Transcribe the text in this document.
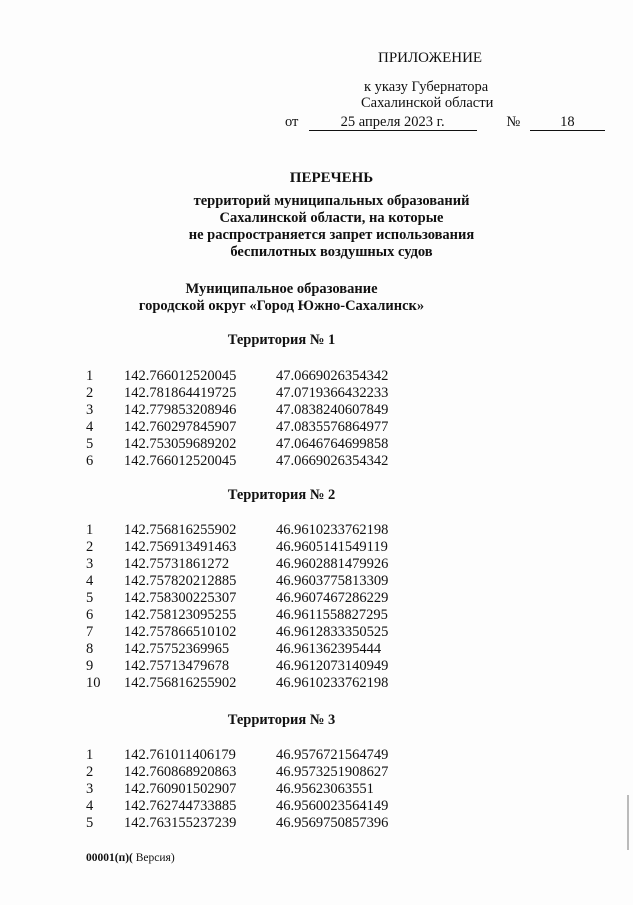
ПРИЛОЖЕНИЕ
к указу Губернатора
Сахалинской области
от	25 апреля 2023 г.	№	18
ПЕРЕЧЕНЬ
территорий муниципальных образований
Сахалинской области, на которые
не распространяется запрет использования
беспилотных воздушных судов
Муниципальное образование
городской округ «Город Южно-Сахалинск»
Территория № 1
1 142.766012520045	47.0669026354342
2 142.781864419725	47.0719366432233
3 142.779853208946	47.0838240607849
4 142.760297845907	47.0835576864977
5 142.753059689202	47.0646764699858
6 142.766012520045	47.0669026354342
Территория № 2
1 142.756816255902	46.9610233762198
2 142.756913491463	46.9605141549119
3 142.75731861272	46.9602881479926
4 142.757820212885	46.9603775813309
5 142.758300225307	46.9607467286229
6 142.758123095255	46.9611558827295
7 142.757866510102	46.9612833350525
8 142.75752369965	46.961362395444
9 142.75713479678	46.9612073140949
10 142.756816255902	46.9610233762198
Территория № 3
1 142.761011406179	46.9576721564749
2 142.760868920863	46.9573251908627
3 142.760901502907	46.95623063551
4 142.762744733885	46.9560023564149
5 142.763155237239	46.9569750857396
00001(п)( Версия)
